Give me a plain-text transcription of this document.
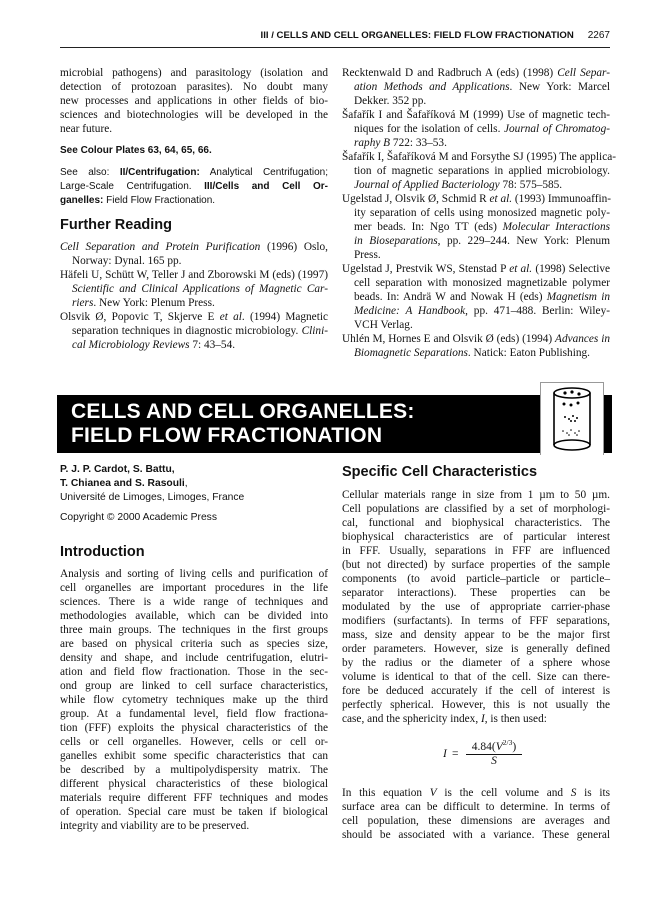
III / CELLS AND CELL ORGANELLES: FIELD FLOW FRACTIONATION 2267
microbial pathogens) and parasitology (isolation and
detection of protozoan parasites). No doubt many
new processes and applications in other fields of bio-
sciences and biotechnologies will be developed in the
near future.
See Colour Plates 63, 64, 65, 66.
See also: II/Centrifugation: Analytical Centrifugation;
Large-Scale Centrifugation. III/Cells and Cell Or-
ganelles: Field Flow Fractionation.
Further Reading
Cell Separation and Protein Purification (1996) Oslo,
Norway: Dynal. 165 pp.
Häfeli U, Schütt W, Teller J and Zborowski M (eds) (1997)
Scientific and Clinical Applications of Magnetic Car-
riers. New York: Plenum Press.
Olsvik Ø, Popovic T, Skjerve E et al. (1994) Magnetic
separation techniques in diagnostic microbiology. Clini-
cal Microbiology Reviews 7: 43–54.
Recktenwald D and Radbruch A (eds) (1998) Cell Separ-
ation Methods and Applications. New York: Marcel
Dekker. 352 pp.
Šafařík I and Šafaříková M (1999) Use of magnetic tech-
niques for the isolation of cells. Journal of Chromatog-
raphy B 722: 33–53.
Šafařík I, Šafaříková M and Forsythe SJ (1995) The applica-
tion of magnetic separations in applied microbiology.
Journal of Applied Bacteriology 78: 575–585.
Ugelstad J, Olsvik Ø, Schmid R et al. (1993) Immunoaffin-
ity separation of cells using monosized magnetic poly-
mer beads. In: Ngo TT (eds) Molecular Interactions
in Bioseparations, pp. 229–244. New York: Plenum
Press.
Ugelstad J, Prestvik WS, Stenstad P et al. (1998) Selective
cell separation with monosized magnetizable polymer
beads. In: Andrä W and Nowak H (eds) Magnetism in
Medicine: A Handbook, pp. 471–488. Berlin: Wiley-
VCH Verlag.
Uhlén M, Hornes E and Olsvik Ø (eds) (1994) Advances in
Biomagnetic Separations. Natick: Eaton Publishing.
CELLS AND CELL ORGANELLES:
FIELD FLOW FRACTIONATION
P. J. P. Cardot, S. Battu,
T. Chianea and S. Rasouli,
Université de Limoges, Limoges, France
Copyright © 2000 Academic Press
Introduction
Analysis and sorting of living cells and purification of
cell organelles are important procedures in the life
sciences. There is a wide range of techniques and
methodologies available, which can be divided into
three main groups. The techniques in the first groups
are based on physical criteria such as species size,
density and shape, and include centrifugation, elutri-
ation and field flow fractionation. Those in the sec-
ond group are linked to cell surface characteristics,
while flow cytometry techniques make up the third
group. At a fundamental level, field flow fractiona-
tion (FFF) exploits the physical characteristics of the
cells or cell organelles. However, cells or cell or-
ganelles exhibit some specific characteristics that can
be described by a multipolydispersity matrix. The
different physical characteristics of these biological
materials require different FFF techniques and modes
of operation. Special care must be taken if biological
integrity and viability are to be preserved.
Specific Cell Characteristics
Cellular materials range in size from 1 µm to 50 µm.
Cell populations are classified by a set of morphologi-
cal, functional and biophysical characteristics. The
biophysical characteristics are of particular interest
in FFF. Usually, separations in FFF are influenced
(but not directed) by surface properties of the sample
components (to avoid particle–particle or particle–
separator interactions). These properties can be
modulated by the use of appropriate carrier-phase
modifiers (surfactants). In terms of FFF separations,
mass, size and density appear to be the major first
order parameters. However, size is generally defined
by the radius or the diameter of a sphere whose
volume is identical to that of the cell. Size can there-
fore be deduced accurately if the cell of interest is
perfectly spherical. However, this is not usually the
case, and the sphericity index, I, is then used:
$I = \frac{4.84(V^{2/3})}{S}$
In this equation V is the cell volume and S is its
surface area can be difficult to determine. In terms of
cell population, these dimensions are averages and
should be associated with a variance. These general
